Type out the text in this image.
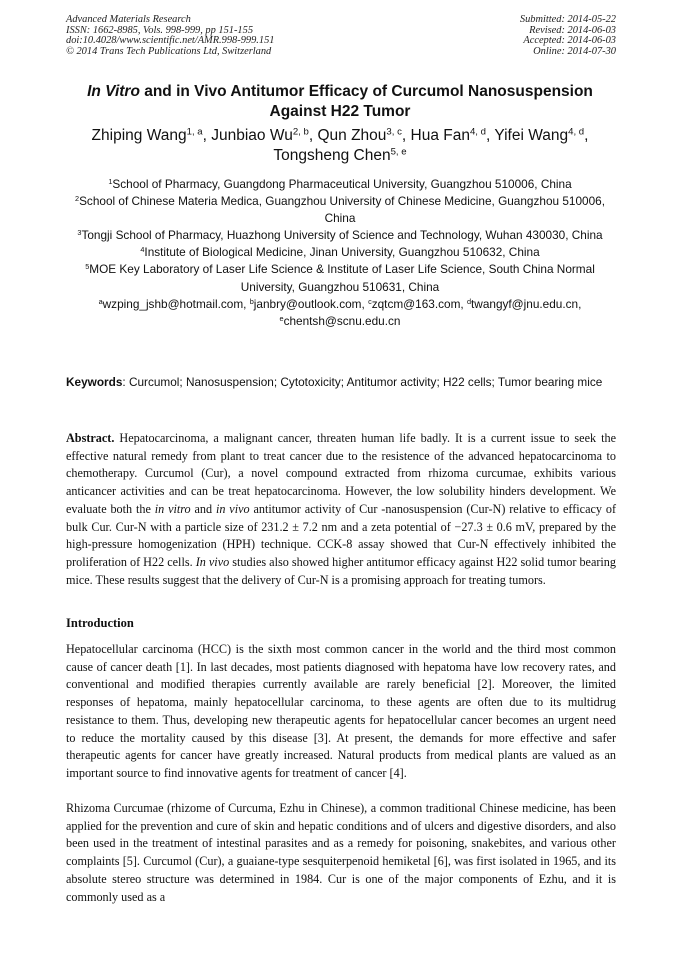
Advanced Materials Research
ISSN: 1662-8985, Vols. 998-999, pp 151-155
doi:10.4028/www.scientific.net/AMR.998-999.151
© 2014 Trans Tech Publications Ltd, Switzerland
Submitted: 2014-05-22
Revised: 2014-06-03
Accepted: 2014-06-03
Online: 2014-07-30
In Vitro and in Vivo Antitumor Efficacy of Curcumol Nanosuspension
Against H22 Tumor
Zhiping Wang$^{1, a}$, Junbiao Wu$^{2, b}$, Qun Zhou$^{3, c}$, Hua Fan$^{4, d}$, Yifei Wang$^{4, d}$,
Tongsheng Chen$^{5, e}$
$^1$School of Pharmacy, Guangdong Pharmaceutical University, Guangzhou 510006, China
$^2$School of Chinese Materia Medica, Guangzhou University of Chinese Medicine, Guangzhou 510006, China
$^3$Tongji School of Pharmacy, Huazhong University of Science and Technology, Wuhan 430030, China
$^4$Institute of Biological Medicine, Jinan University, Guangzhou 510632, China
$^5$MOE Key Laboratory of Laser Life Science & Institute of Laser Life Science, South China Normal University, Guangzhou 510631, China
$^a$wzping_jshb@hotmail.com, $^b$janbry@outlook.com, $^c$zqtcm@163.com, $^d$twangyf@jnu.edu.cn,
$^e$chentsh@scnu.edu.cn
Keywords: Curcumol; Nanosuspension; Cytotoxicity; Antitumor activity; H22 cells; Tumor bearing mice
Abstract. Hepatocarcinoma, a malignant cancer, threaten human life badly. It is a current issue to seek the effective natural remedy from plant to treat cancer due to the resistence of the advanced hepatocarcinoma to chemotherapy. Curcumol (Cur), a novel compound extracted from rhizoma curcumae, exhibits various anticancer activities and can be treat hepatocarcinoma. However, the low solubility hinders development. We evaluate both the in vitro and in vivo antitumor activity of Cur -nanosuspension (Cur-N) relative to efficacy of bulk Cur. Cur-N with a particle size of 231.2 ± 7.2 nm and a zeta potential of −27.3 ± 0.6 mV, prepared by the high-pressure homogenization (HPH) technique. CCK-8 assay showed that Cur-N effectively inhibited the proliferation of H22 cells. In vivo studies also showed higher antitumor efficacy against H22 solid tumor bearing mice. These results suggest that the delivery of Cur-N is a promising approach for treating tumors.
Introduction
Hepatocellular carcinoma (HCC) is the sixth most common cancer in the world and the third most common cause of cancer death [1]. In last decades, most patients diagnosed with hepatoma have low recovery rates, and conventional and modified therapies currently available are rarely beneficial [2]. Moreover, the limited responses of hepatoma, mainly hepatocellular carcinoma, to these agents are often due to its multidrug resistance to them. Thus, developing new therapeutic agents for hepatocellular cancer becomes an urgent need to reduce the mortality caused by this disease [3]. At present, the demands for more effective and safer therapeutic agents for cancer have greatly increased. Natural products from medical plants are valued as an important source to find innovative agents for treatment of cancer [4].
Rhizoma Curcumae (rhizome of Curcuma, Ezhu in Chinese), a common traditional Chinese medicine, has been applied for the prevention and cure of skin and hepatic conditions and of ulcers and digestive disorders, and also been used in the treatment of intestinal parasites and as a remedy for poisoning, snakebites, and various other complaints [5]. Curcumol (Cur), a guaiane-type sesquiterpenoid hemiketal [6], was first isolated in 1965, and its absolute stereo structure was determined in 1984. Cur is one of the major components of Ezhu, and it is commonly used as a
